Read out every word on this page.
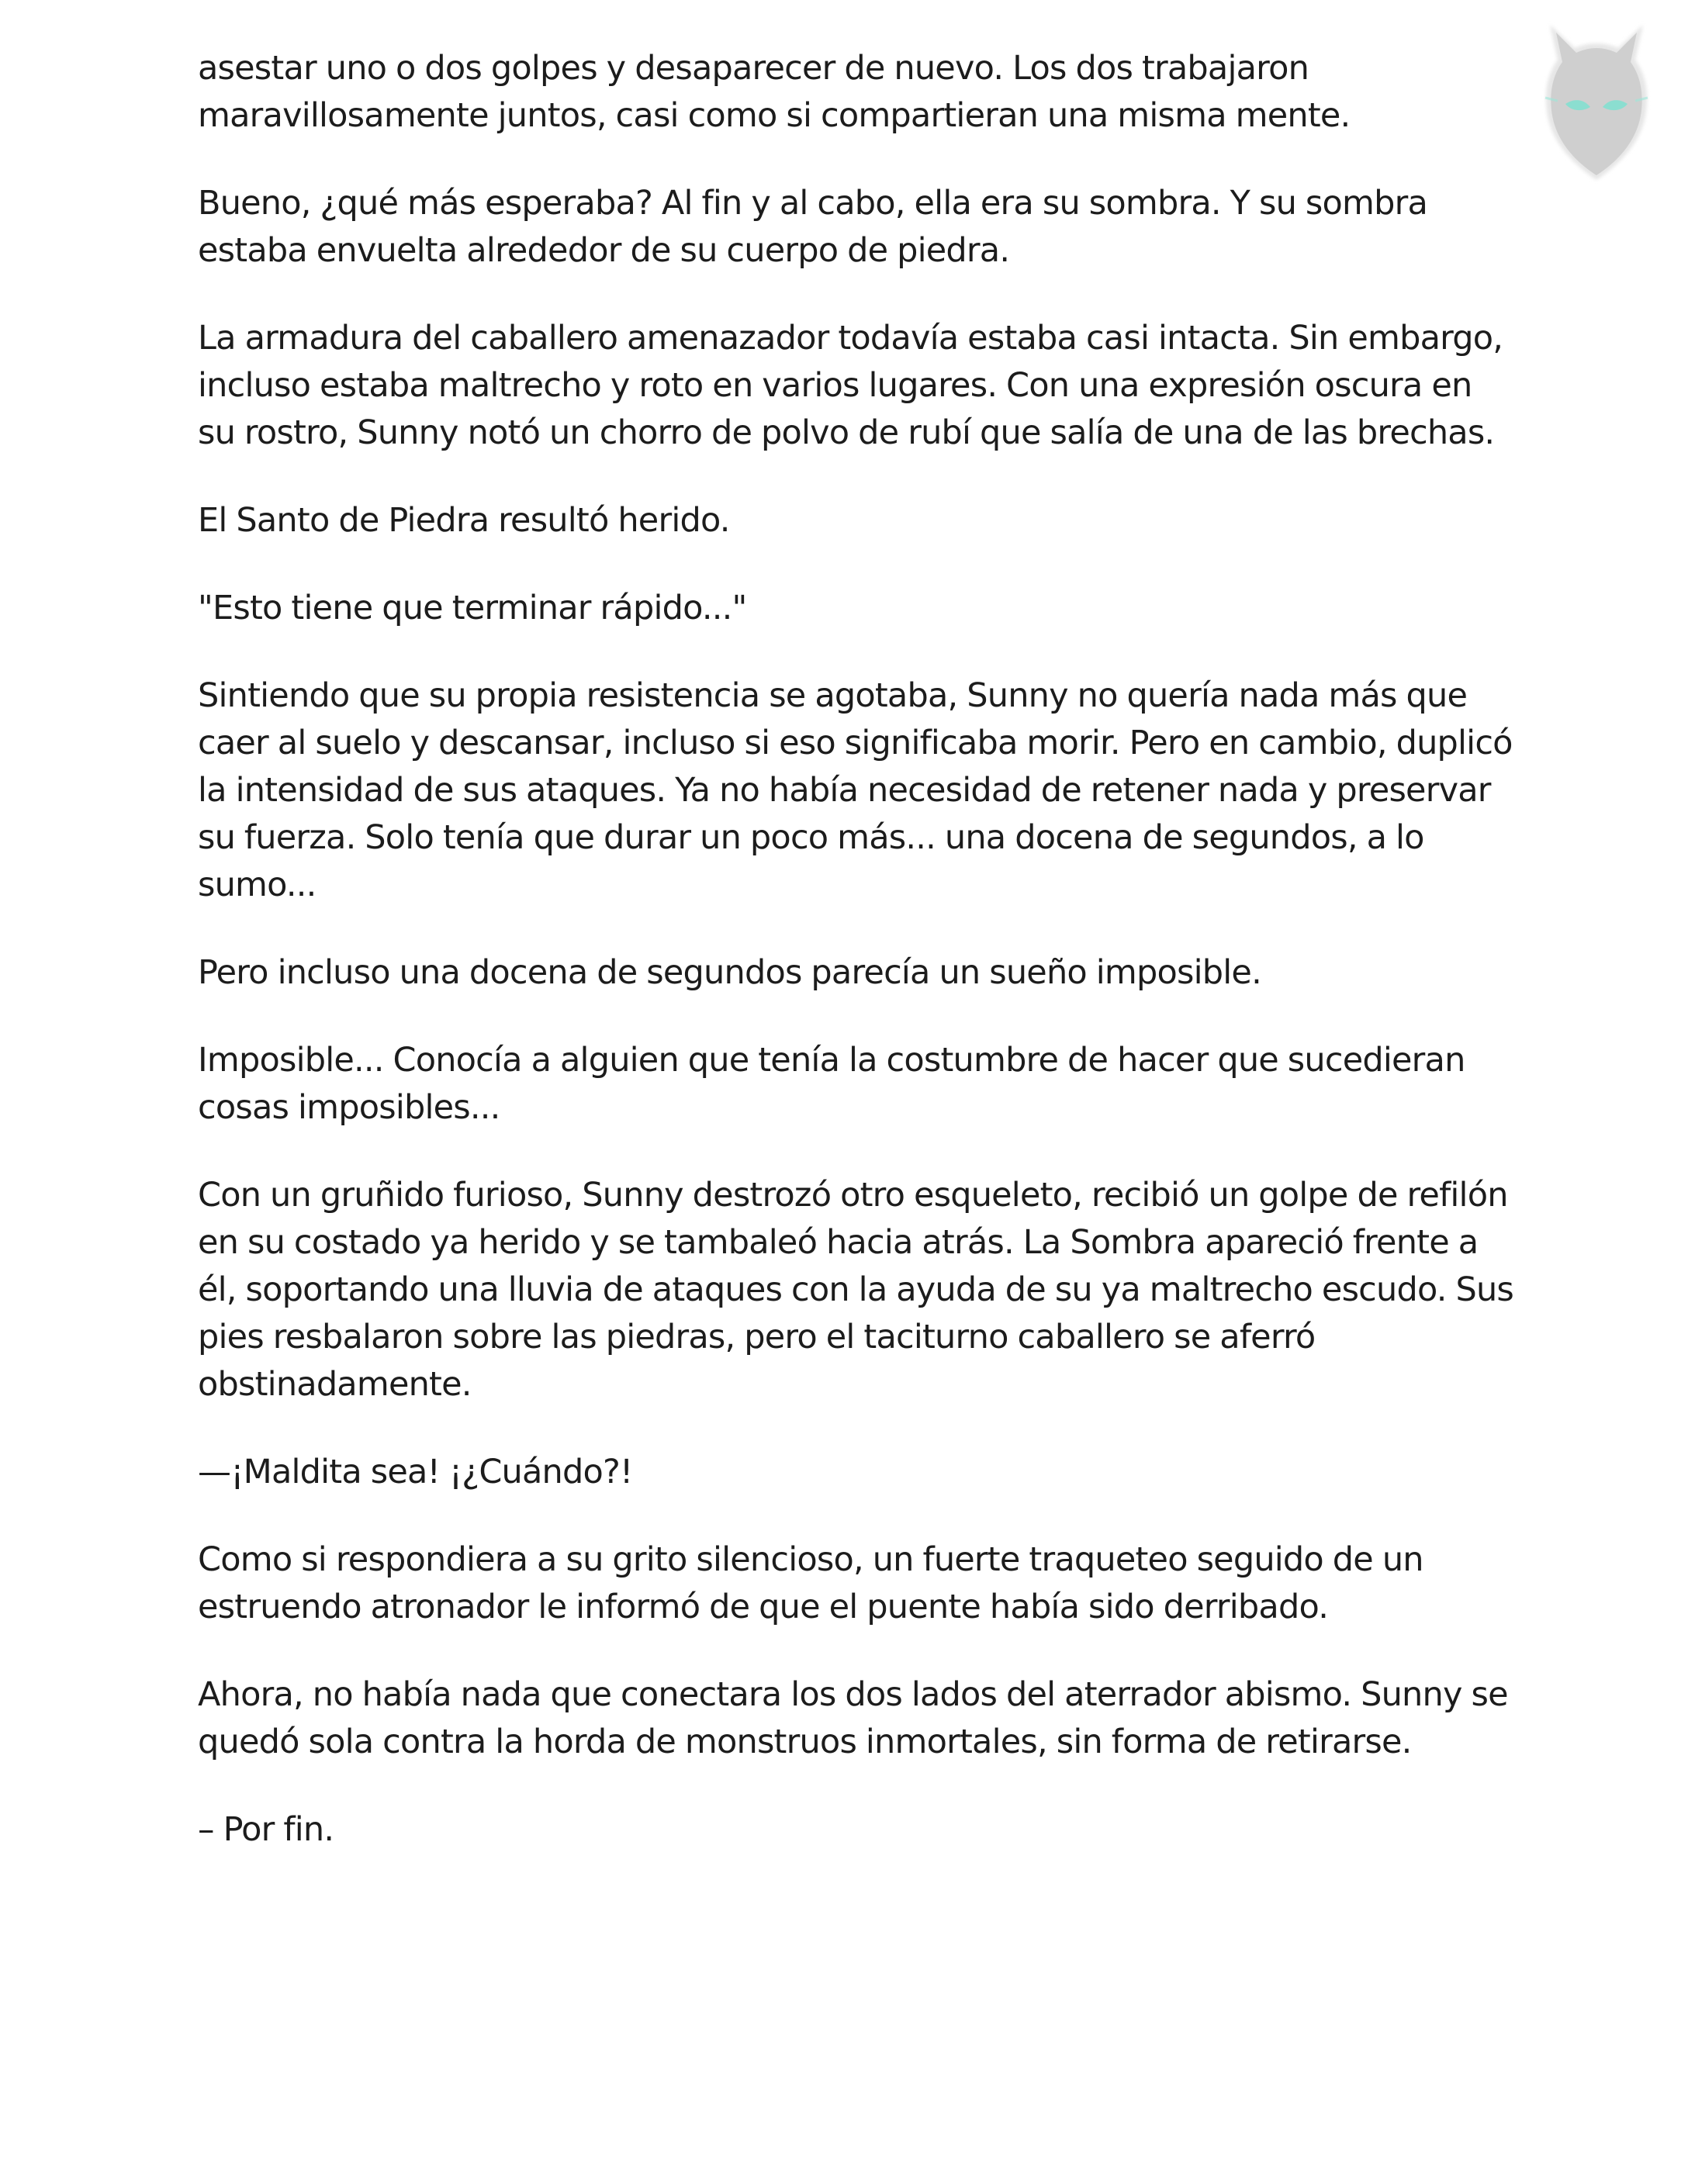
asestar uno o dos golpes y desaparecer de nuevo. Los dos trabajaron maravillosamente juntos, casi como si compartieran una misma mente.

Bueno, ¿qué más esperaba? Al fin y al cabo, ella era su sombra. Y su sombra estaba envuelta alrededor de su cuerpo de piedra.

La armadura del caballero amenazador todavía estaba casi intacta. Sin embargo, incluso estaba maltrecho y roto en varios lugares. Con una expresión oscura en su rostro, Sunny notó un chorro de polvo de rubí que salía de una de las brechas.

El Santo de Piedra resultó herido.

"Esto tiene que terminar rápido..."

Sintiendo que su propia resistencia se agotaba, Sunny no quería nada más que caer al suelo y descansar, incluso si eso significaba morir. Pero en cambio, duplicó la intensidad de sus ataques. Ya no había necesidad de retener nada y preservar su fuerza. Solo tenía que durar un poco más... una docena de segundos, a lo sumo...

Pero incluso una docena de segundos parecía un sueño imposible.

Imposible... Conocía a alguien que tenía la costumbre de hacer que sucedieran cosas imposibles...

Con un gruñido furioso, Sunny destrozó otro esqueleto, recibió un golpe de refilón en su costado ya herido y se tambaleó hacia atrás. La Sombra apareció frente a él, soportando una lluvia de ataques con la ayuda de su ya maltrecho escudo. Sus pies resbalaron sobre las piedras, pero el taciturno caballero se aferró obstinadamente.

—¡Maldita sea! ¡¿Cuándo?!

Como si respondiera a su grito silencioso, un fuerte traqueteo seguido de un estruendo atronador le informó de que el puente había sido derribado.

Ahora, no había nada que conectara los dos lados del aterrador abismo. Sunny se quedó sola contra la horda de monstruos inmortales, sin forma de retirarse.

– Por fin.
